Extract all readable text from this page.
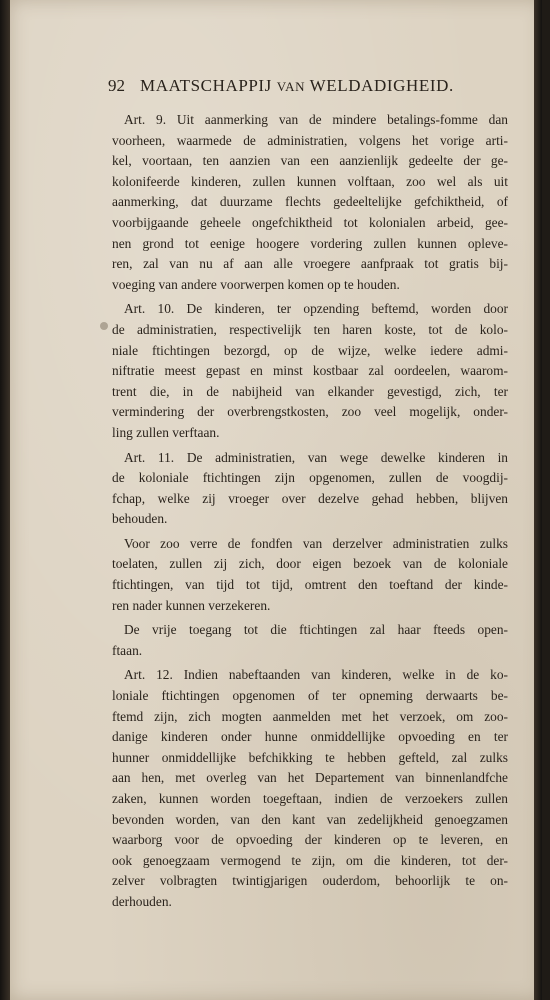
92 MAATSCHAPPIJ VAN WELDADIGHEID.
Art. 9. Uit aanmerking van de mindere betalings-fomme dan
voorheen, waarmede de administratien, volgens het vorige arti-
kel, voortaan, ten aanzien van een aanzienlijk gedeelte der ge-
kolonifeerde kinderen, zullen kunnen volftaan, zoo wel als uit
aanmerking, dat duurzame flechts gedeeltelijke gefchiktheid, of
voorbijgaande geheele ongefchiktheid tot kolonialen arbeid, gee-
nen grond tot eenige hoogere vordering zullen kunnen opleve-
ren, zal van nu af aan alle vroegere aanfpraak tot gratis bij-
voeging van andere voorwerpen komen op te houden.
Art. 10. De kinderen, ter opzending beftemd, worden door
de administratien, respectivelijk ten haren koste, tot de kolo-
niale ftichtingen bezorgd, op de wijze, welke iedere admi-
niftratie meest gepast en minst kostbaar zal oordeelen, waarom-
trent die, in de nabijheid van elkander gevestigd, zich, ter
vermindering der overbrengstkosten, zoo veel mogelijk, onder-
ling zullen verftaan.
Art. 11. De administratien, van wege dewelke kinderen in
de koloniale ftichtingen zijn opgenomen, zullen de voogdij-
fchap, welke zij vroeger over dezelve gehad hebben, blijven
behouden.
Voor zoo verre de fondfen van derzelver administratien zulks
toelaten, zullen zij zich, door eigen bezoek van de koloniale
ftichtingen, van tijd tot tijd, omtrent den toeftand der kinde-
ren nader kunnen verzekeren.
De vrije toegang tot die ftichtingen zal haar fteeds open-
ftaan.
Art. 12. Indien nabeftaanden van kinderen, welke in de ko-
loniale ftichtingen opgenomen of ter opneming derwaarts be-
ftemd zijn, zich mogten aanmelden met het verzoek, om zoo-
danige kinderen onder hunne onmiddellijke opvoeding en ter
hunner onmiddellijke befchikking te hebben gefteld, zal zulks
aan hen, met overleg van het Departement van binnenlandfche
zaken, kunnen worden toegeftaan, indien de verzoekers zullen
bevonden worden, van den kant van zedelijkheid genoegzamen
waarborg voor de opvoeding der kinderen op te leveren, en
ook genoegzaam vermogend te zijn, om die kinderen, tot der-
zelver volbragten twintigjarigen ouderdom, behoorlijk te on-
derhouden.
